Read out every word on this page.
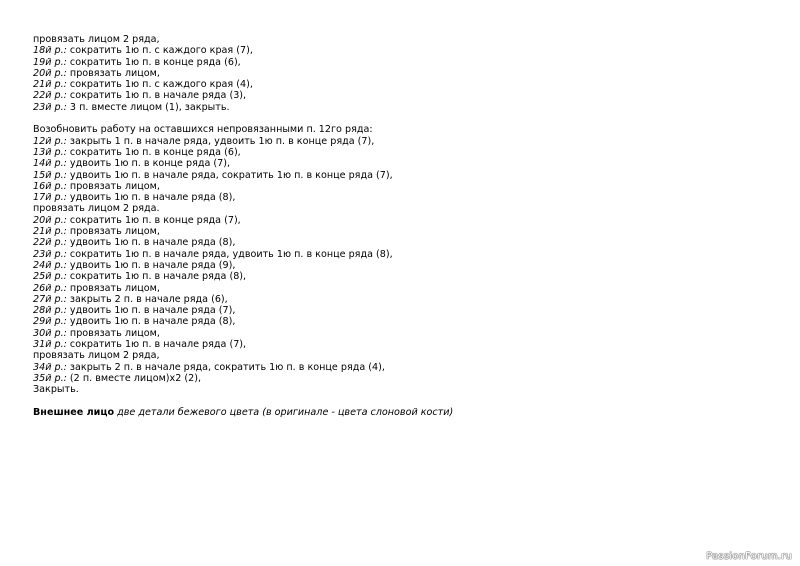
провязать лицом 2 ряда,
18й р.: сократить 1ю п. с каждого края (7),
19й р.: сократить 1ю п. в конце ряда (6),
20й р.: провязать лицом,
21й р.: сократить 1ю п. с каждого края (4),
22й р.: сократить 1ю п. в начале ряда (3),
23й р.: 3 п. вместе лицом (1), закрыть.
Возобновить работу на оставшихся непровязанными п. 12го ряда:
12й р.: закрыть 1 п. в начале ряда, удвоить 1ю п. в конце ряда (7),
13й р.: сократить 1ю п. в конце ряда (6),
14й р.: удвоить 1ю п. в конце ряда (7),
15й р.: удвоить 1ю п. в начале ряда, сократить 1ю п. в конце ряда (7),
16й р.: провязать лицом,
17й р.: удвоить 1ю п. в начале ряда (8),
провязать лицом 2 ряда.
20й р.: сократить 1ю п. в конце ряда (7),
21й р.: провязать лицом,
22й р.: удвоить 1ю п. в начале ряда (8),
23й р.: сократить 1ю п. в начале ряда, удвоить 1ю п. в конце ряда (8),
24й р.: удвоить 1ю п. в начале ряда (9),
25й р.: сократить 1ю п. в начале ряда (8),
26й р.: провязать лицом,
27й р.: закрыть 2 п. в начале ряда (6),
28й р.: удвоить 1ю п. в начале ряда (7),
29й р.: удвоить 1ю п. в начале ряда (8),
30й р.: провязать лицом,
31й р.: сократить 1ю п. в начале ряда (7),
провязать лицом 2 ряда,
34й р.: закрыть 2 п. в начале ряда, сократить 1ю п. в конце ряда (4),
35й р.: (2 п. вместе лицом)х2 (2),
Закрыть.
Внешнее лицо две детали бежевого цвета (в оригинале - цвета слоновой кости)
PassionForum.ru
